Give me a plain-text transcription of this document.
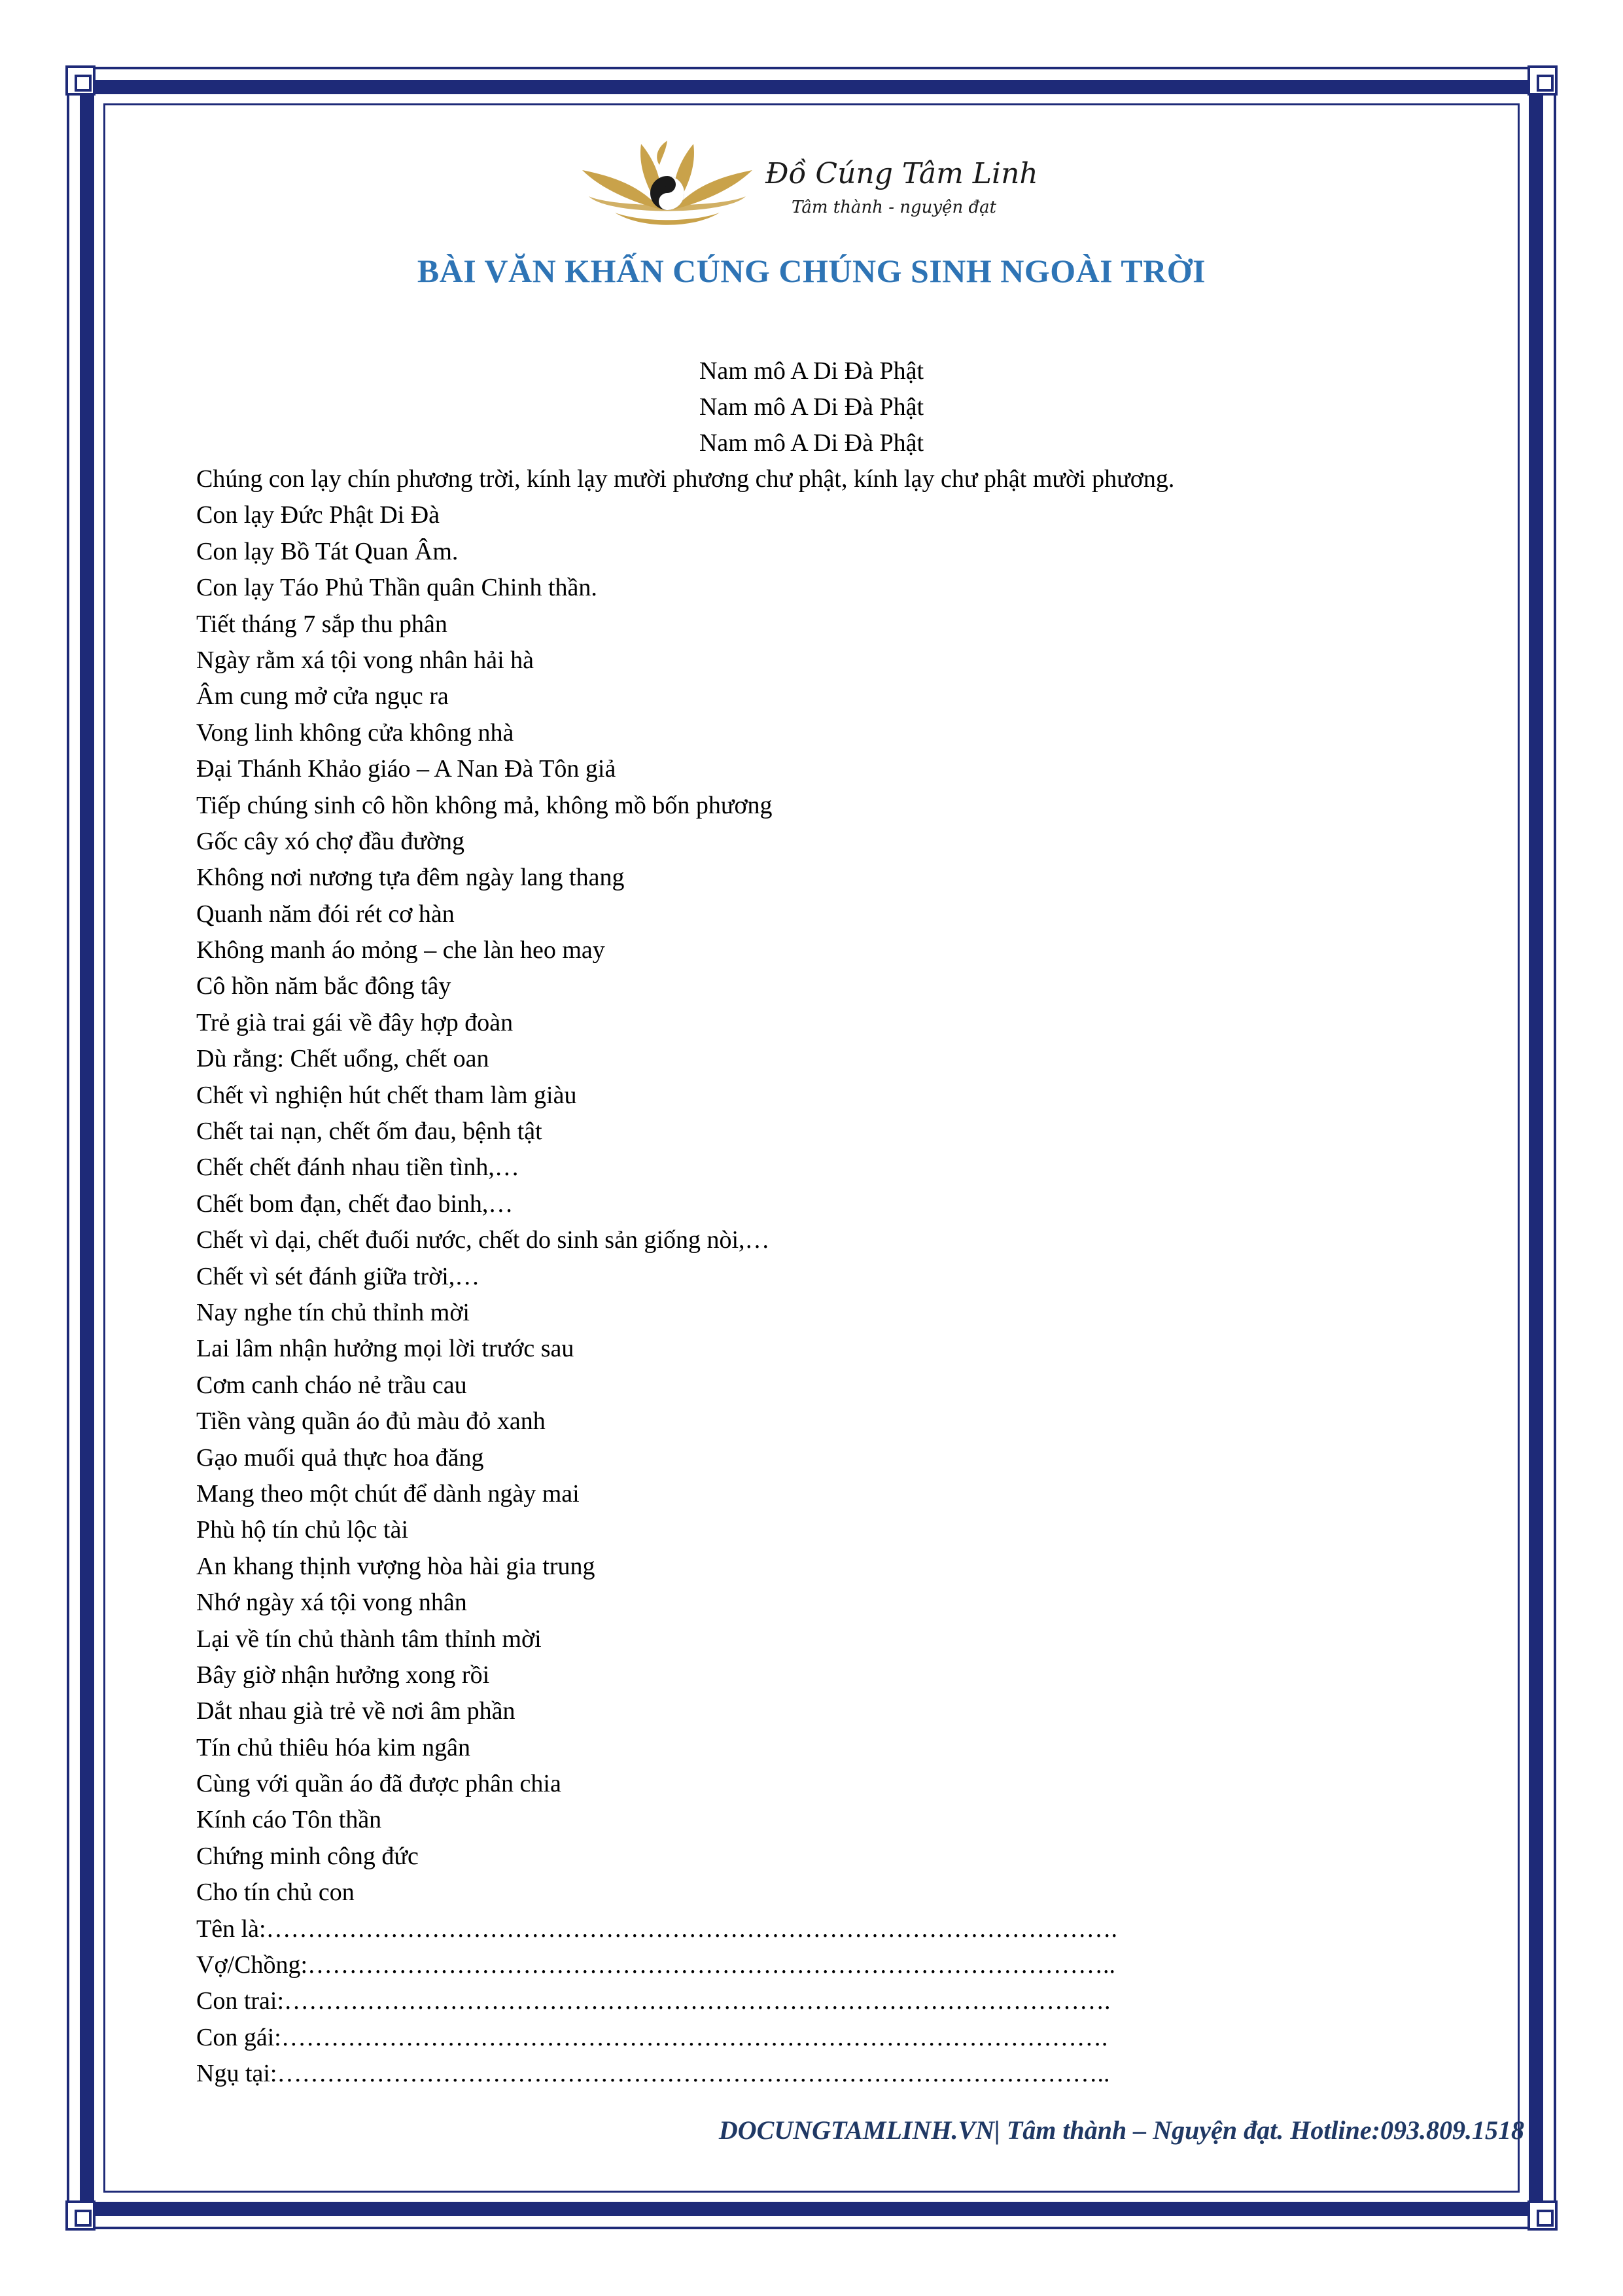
Đồ Cúng Tâm Linh
Tâm thành - nguyện đạt
BÀI VĂN KHẤN CÚNG CHÚNG SINH NGOÀI TRỜI
Nam mô A Di Đà Phật
Nam mô A Di Đà Phật
Nam mô A Di Đà Phật
Chúng con lạy chín phương trời, kính lạy mười phương chư phật, kính lạy chư phật mười phương.
Con lạy Đức Phật Di Đà
Con lạy Bồ Tát Quan Âm.
Con lạy Táo Phủ Thần quân Chinh thần.
Tiết tháng 7 sắp thu phân
Ngày rằm xá tội vong nhân hải hà
Âm cung mở cửa ngục ra
Vong linh không cửa không nhà
Đại Thánh Khảo giáo – A Nan Đà Tôn giả
Tiếp chúng sinh cô hồn không mả, không mồ bốn phương
Gốc cây xó chợ đầu đường
Không nơi nương tựa đêm ngày lang thang
Quanh năm đói rét cơ hàn
Không manh áo mỏng – che làn heo may
Cô hồn năm bắc đông tây
Trẻ già trai gái về đây hợp đoàn
Dù rằng: Chết uổng, chết oan
Chết vì nghiện hút chết tham làm giàu
Chết tai nạn, chết ốm đau, bệnh tật
Chết chết đánh nhau tiền tình,…
Chết bom đạn, chết đao binh,…
Chết vì dại, chết đuối nước, chết do sinh sản giống nòi,…
Chết vì sét đánh giữa trời,…
Nay nghe tín chủ thỉnh mời
Lai lâm nhận hưởng mọi lời trước sau
Cơm canh cháo nẻ trầu cau
Tiền vàng quần áo đủ màu đỏ xanh
Gạo muối quả thực hoa đăng
Mang theo một chút để dành ngày mai
Phù hộ tín chủ lộc tài
An khang thịnh vượng hòa hài gia trung
Nhớ ngày xá tội vong nhân
Lại về tín chủ thành tâm thỉnh mời
Bây giờ nhận hưởng xong rồi
Dắt nhau già trẻ về nơi âm phần
Tín chủ thiêu hóa kim ngân
Cùng với quần áo đã được phân chia
Kính cáo Tôn thần
Chứng minh công đức
Cho tín chủ con
Tên là:………………………………………………………………………………………….
Vợ/Chồng:……………………………………………………………………………………..
Con trai:……………………………………………………………………………………….
Con gái:……………………………………………………………………………………….
Ngụ tại:………………………………………………………………………………………..
DOCUNGTAMLINH.VN| Tâm thành – Nguyện đạt. Hotline:093.809.1518
